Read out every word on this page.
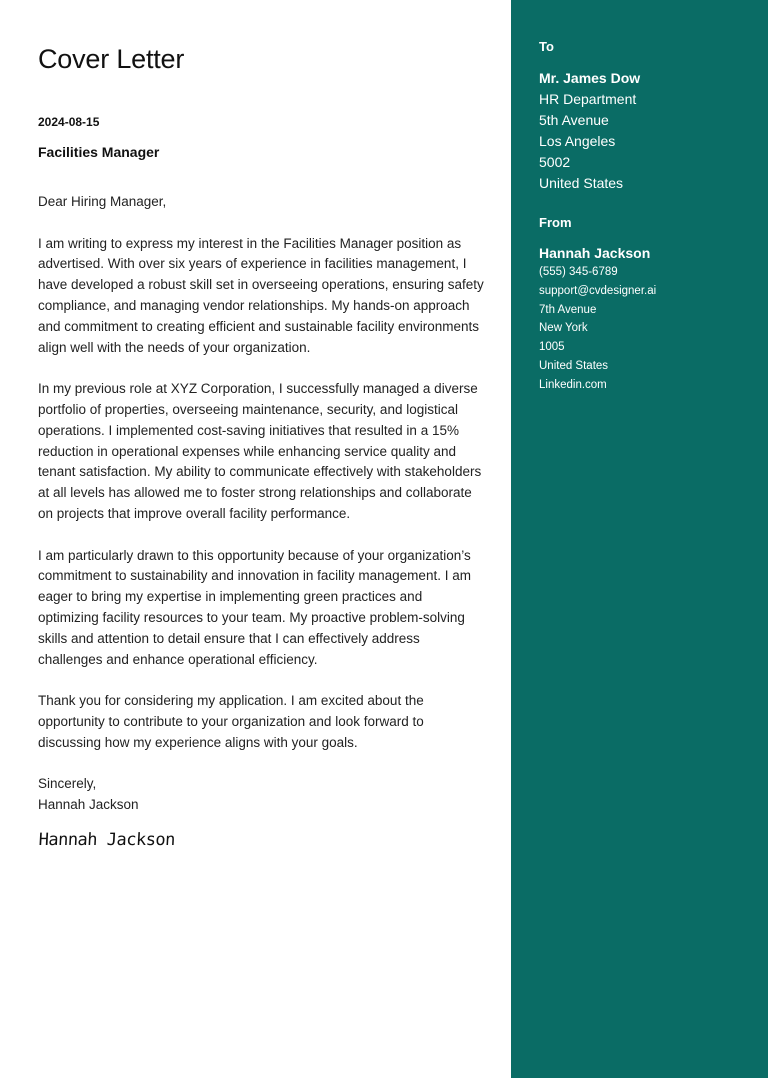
Cover Letter
2024-08-15
Facilities Manager
Dear Hiring Manager,
I am writing to express my interest in the Facilities Manager position as advertised. With over six years of experience in facilities management, I have developed a robust skill set in overseeing operations, ensuring safety compliance, and managing vendor relationships. My hands-on approach and commitment to creating efficient and sustainable facility environments align well with the needs of your organization.
In my previous role at XYZ Corporation, I successfully managed a diverse portfolio of properties, overseeing maintenance, security, and logistical operations. I implemented cost-saving initiatives that resulted in a 15% reduction in operational expenses while enhancing service quality and tenant satisfaction. My ability to communicate effectively with stakeholders at all levels has allowed me to foster strong relationships and collaborate on projects that improve overall facility performance.
I am particularly drawn to this opportunity because of your organization’s commitment to sustainability and innovation in facility management. I am eager to bring my expertise in implementing green practices and optimizing facility resources to your team. My proactive problem-solving skills and attention to detail ensure that I can effectively address challenges and enhance operational efficiency.
Thank you for considering my application. I am excited about the opportunity to contribute to your organization and look forward to discussing how my experience aligns with your goals.
Sincerely,
Hannah Jackson
Hannah Jackson
To
Mr. James Dow
HR Department
5th Avenue
Los Angeles
5002
United States
From
Hannah Jackson
(555) 345-6789
support@cvdesigner.ai
7th Avenue
New York
1005
United States
Linkedin.com
